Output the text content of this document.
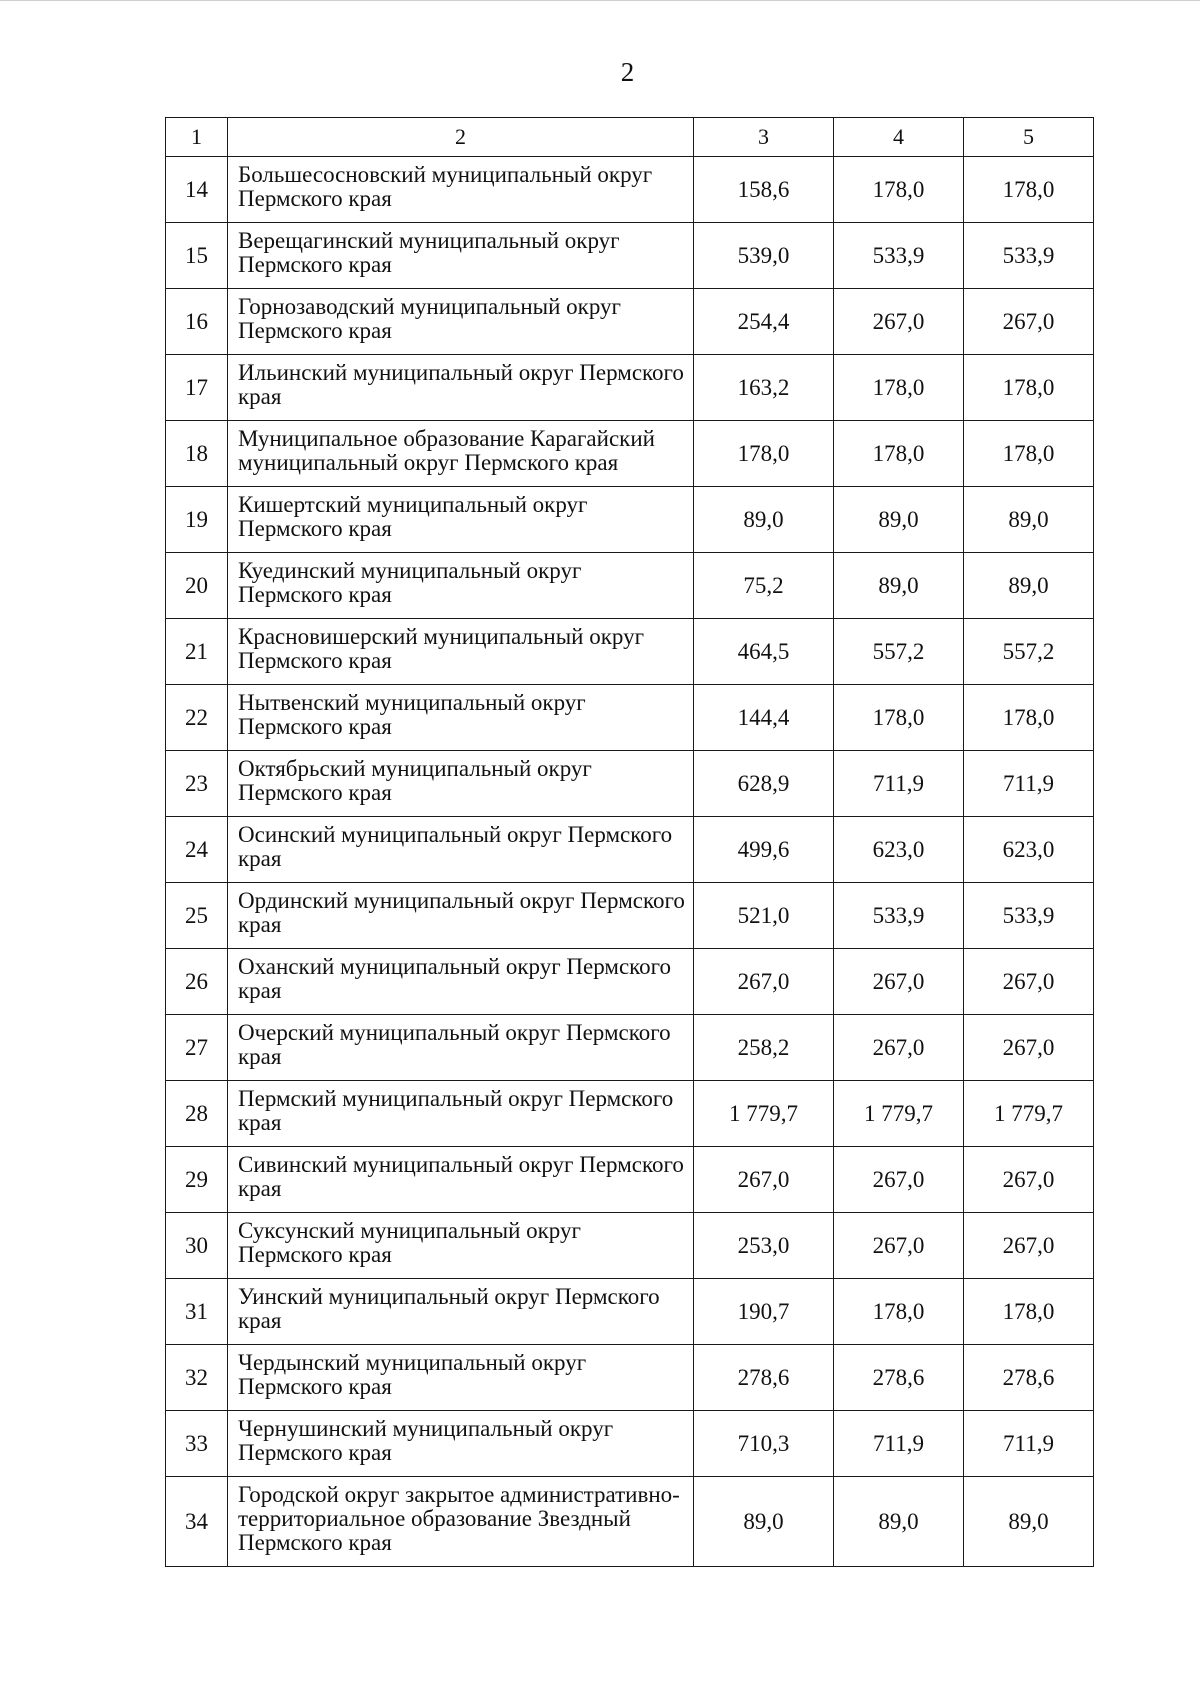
2
1	2	3	4	5
14	Большесосновский муниципальный округ Пермского края	158,6	178,0	178,0
15	Верещагинский муниципальный округ Пермского края	539,0	533,9	533,9
16	Горнозаводский муниципальный округ Пермского края	254,4	267,0	267,0
17	Ильинский муниципальный округ Пермского края	163,2	178,0	178,0
18	Муниципальное образование Карагайский муниципальный округ Пермского края	178,0	178,0	178,0
19	Кишертский муниципальный округ Пермского края	89,0	89,0	89,0
20	Куединский муниципальный округ Пермского края	75,2	89,0	89,0
21	Красновишерский муниципальный округ Пермского края	464,5	557,2	557,2
22	Нытвенский муниципальный округ Пермского края	144,4	178,0	178,0
23	Октябрьский муниципальный округ Пермского края	628,9	711,9	711,9
24	Осинский муниципальный округ Пермского края	499,6	623,0	623,0
25	Ординский муниципальный округ Пермского края	521,0	533,9	533,9
26	Оханский муниципальный округ Пермского края	267,0	267,0	267,0
27	Очерский муниципальный округ Пермского края	258,2	267,0	267,0
28	Пермский муниципальный округ Пермского края	1 779,7	1 779,7	1 779,7
29	Сивинский муниципальный округ Пермского края	267,0	267,0	267,0
30	Суксунский муниципальный округ Пермского края	253,0	267,0	267,0
31	Уинский муниципальный округ Пермского края	190,7	178,0	178,0
32	Чердынский муниципальный округ Пермского края	278,6	278,6	278,6
33	Чернушинский муниципальный округ Пермского края	710,3	711,9	711,9
34	Городской округ закрытое административно-территориальное образование Звездный Пермского края	89,0	89,0	89,0
